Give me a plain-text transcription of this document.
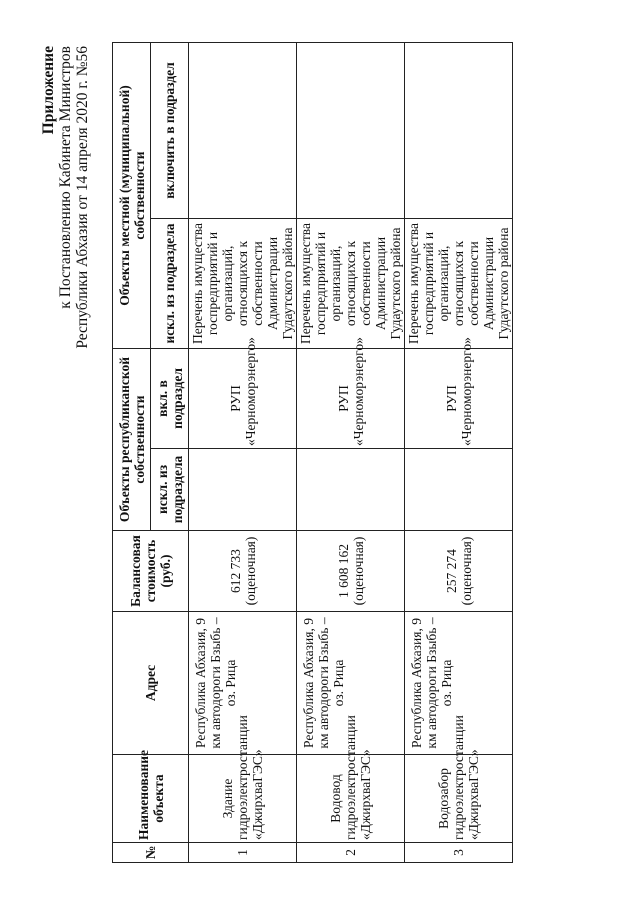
Приложение к Постановлению Кабинета Министров Республики Абхазия от 14 апреля 2020 г. №56
№	Наименование объекта	Адрес	Балансовая стоимость (руб.)	Объекты республиканской собственности		Объекты местной (муниципальной) собственности	
				искл. из подраздела	вкл. в подраздел	искл. из подраздела	включить в подраздел
1	Здание гидроэлектростанции «ДжирхваГЭС»	Республика Абхазия, 9 км автодороги Бзыбь – оз. Рица	612 733 (оценочная)		РУП «Черноморэнерго»	Перечень имущества госпредприятий и организаций, относящихся к собственности Администрации Гудаутского района	
2	Водовод гидроэлектростанции «ДжирхваГЭС»	Республика Абхазия, 9 км автодороги Бзыбь – оз. Рица	1 608 162 (оценочная)		РУП «Черноморэнерго»	Перечень имущества госпредприятий и организаций, относящихся к собственности Администрации Гудаутского района	
3	Водозабор гидроэлектростанции «ДжирхваГЭС»	Республика Абхазия, 9 км автодороги Бзыбь – оз. Рица	257 274 (оценочная)		РУП «Черноморэнерго»	Перечень имущества госпредприятий и организаций, относящихся к собственности Администрации Гудаутского района	
